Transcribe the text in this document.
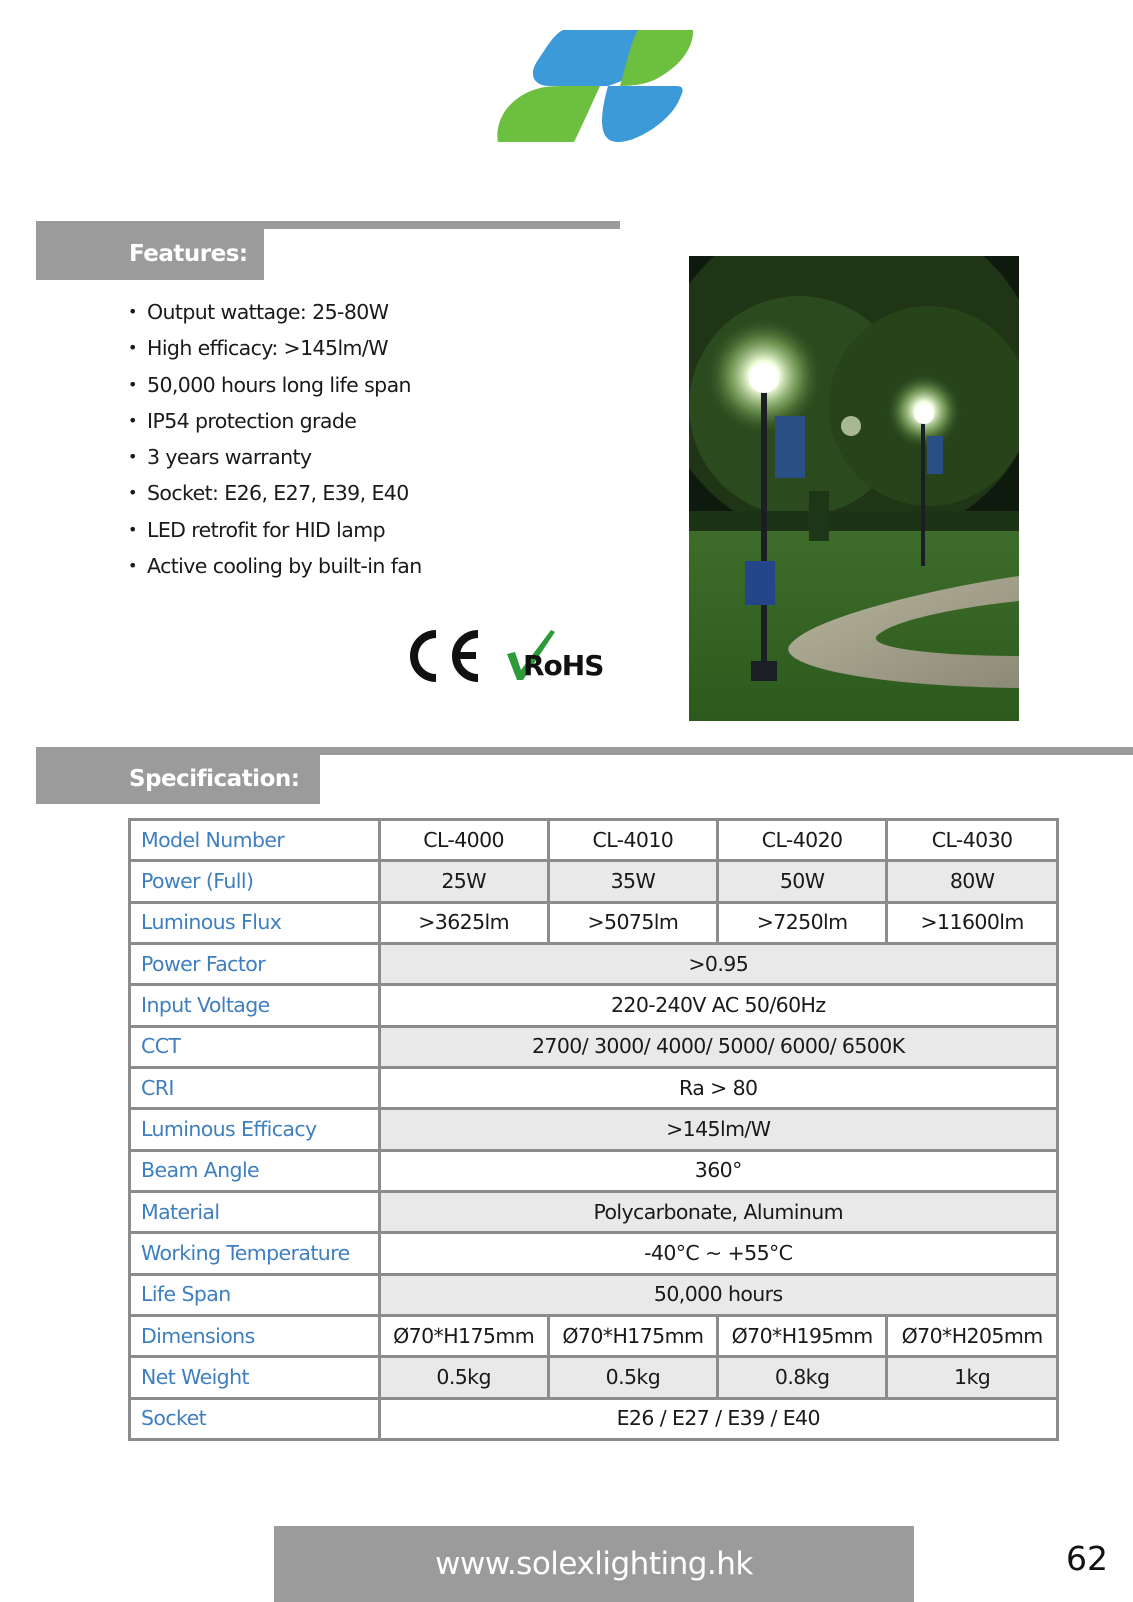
Features:
• Output wattage: 25-80W
• High efficacy: >145lm/W
• 50,000 hours long life span
• IP54 protection grade
• 3 years warranty
• Socket: E26, E27, E39, E40
• LED retrofit for HID lamp
• Active cooling by built-in fan
RoHS
Specification:
Model Number	CL-4000	CL-4010	CL-4020	CL-4030
Power (Full)	25W	35W	50W	80W
Luminous Flux	>3625lm	>5075lm	>7250lm	>11600lm
Power Factor	>0.95			
Input Voltage	220-240V AC 50/60Hz			
CCT	2700/ 3000/ 4000/ 5000/ 6000/ 6500K			
CRI	Ra > 80			
Luminous Efficacy	>145lm/W			
Beam Angle	360°			
Material	Polycarbonate, Aluminum			
Working Temperature	-40°C ~ +55°C			
Life Span	50,000 hours			
Dimensions	Ø70*H175mm	Ø70*H175mm	Ø70*H195mm	Ø70*H205mm
Net Weight	0.5kg	0.5kg	0.8kg	1kg
Socket	E26 / E27 / E39 / E40			
www.solexlighting.hk	62
